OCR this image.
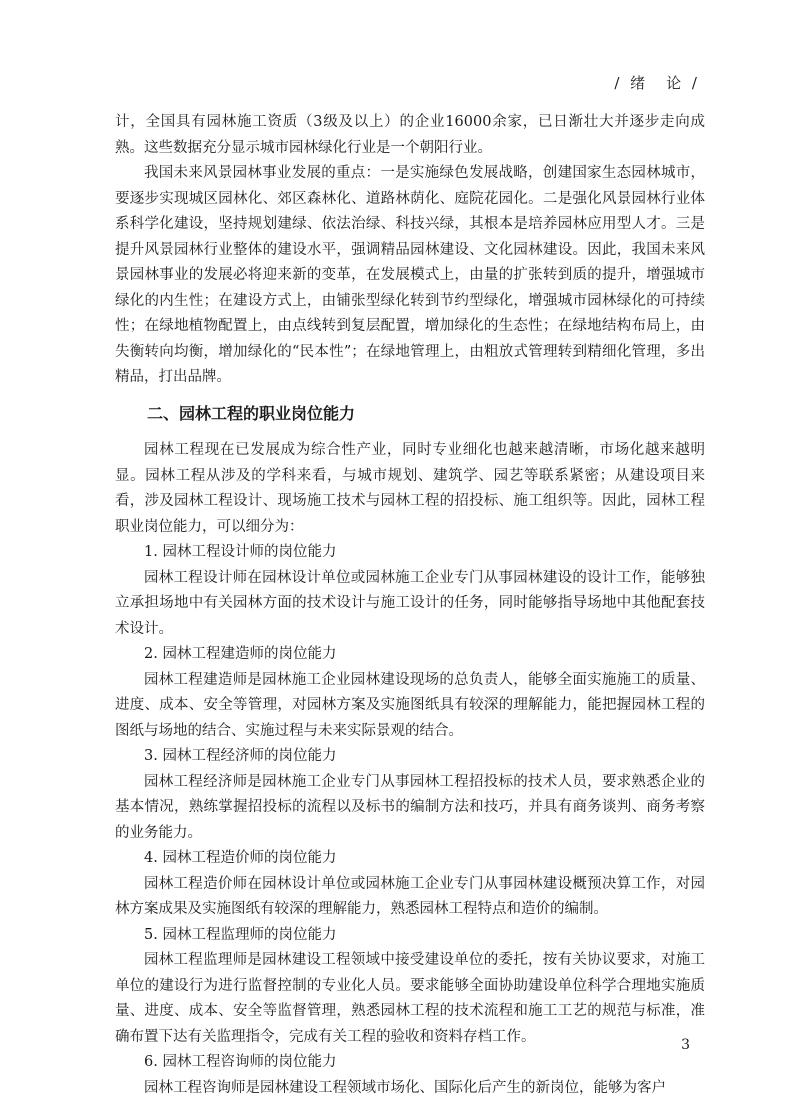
/ 绪　论 /

计，全国具有园林施工资质（3级及以上）的企业16000余家，已日渐壮大并逐步走向成熟。这些数据充分显示城市园林绿化行业是一个朝阳行业。

我国未来风景园林事业发展的重点：一是实施绿色发展战略，创建国家生态园林城市，要逐步实现城区园林化、郊区森林化、道路林荫化、庭院花园化。二是强化风景园林行业体系科学化建设，坚持规划建绿、依法治绿、科技兴绿，其根本是培养园林应用型人才。三是提升风景园林行业整体的建设水平，强调精品园林建设、文化园林建设。因此，我国未来风景园林事业的发展必将迎来新的变革，在发展模式上，由量的扩张转到质的提升，增强城市绿化的内生性；在建设方式上，由铺张型绿化转到节约型绿化，增强城市园林绿化的可持续性；在绿地植物配置上，由点线转到复层配置，增加绿化的生态性；在绿地结构布局上，由失衡转向均衡，增加绿化的“民本性”；在绿地管理上，由粗放式管理转到精细化管理，多出精品，打出品牌。

二、园林工程的职业岗位能力

园林工程现在已发展成为综合性产业，同时专业细化也越来越清晰，市场化越来越明显。园林工程从涉及的学科来看，与城市规划、建筑学、园艺等联系紧密；从建设项目来看，涉及园林工程设计、现场施工技术与园林工程的招投标、施工组织等。因此，园林工程职业岗位能力，可以细分为：

1. 园林工程设计师的岗位能力

园林工程设计师在园林设计单位或园林施工企业专门从事园林建设的设计工作，能够独立承担场地中有关园林方面的技术设计与施工设计的任务，同时能够指导场地中其他配套技术设计。

2. 园林工程建造师的岗位能力

园林工程建造师是园林施工企业园林建设现场的总负责人，能够全面实施施工的质量、进度、成本、安全等管理，对园林方案及实施图纸具有较深的理解能力，能把握园林工程的图纸与场地的结合、实施过程与未来实际景观的结合。

3. 园林工程经济师的岗位能力

园林工程经济师是园林施工企业专门从事园林工程招投标的技术人员，要求熟悉企业的基本情况，熟练掌握招投标的流程以及标书的编制方法和技巧，并具有商务谈判、商务考察的业务能力。

4. 园林工程造价师的岗位能力

园林工程造价师在园林设计单位或园林施工企业专门从事园林建设概预决算工作，对园林方案成果及实施图纸有较深的理解能力，熟悉园林工程特点和造价的编制。

5. 园林工程监理师的岗位能力

园林工程监理师是园林建设工程领域中接受建设单位的委托，按有关协议要求，对施工单位的建设行为进行监督控制的专业化人员。要求能够全面协助建设单位科学合理地实施质量、进度、成本、安全等监督管理，熟悉园林工程的技术流程和施工工艺的规范与标准，准确布置下达有关监理指令，完成有关工程的验收和资料存档工作。

6. 园林工程咨询师的岗位能力

园林工程咨询师是园林建设工程领域市场化、国际化后产生的新岗位，能够为客户

3
